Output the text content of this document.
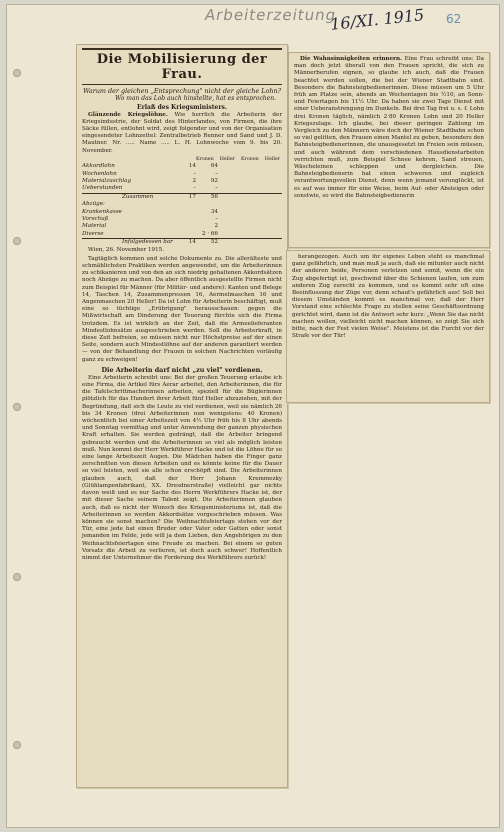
Arbeiterzeitung
16/XI. 1915 62
Die Mobilisierung der Frau.
Warum der gleichen „Entsprechung" nicht der gleiche Lohn?
Wo man das Lob auch hinstellte, hat es entsprochen.
Erlaß des Kriegsministers.
Glänzende Kriegslöhne. Wie herrlich die Arbeiterin der Kriegsindustrie, der Soldat des Hinterlandes, von Firmen, die ihre Säcke füllen, entlohnt wird, zeigt folgender und von der Organisation eingesendeter Lohnzettel: Zentralbetrieb Renner und Sand und J. D. Mautner. Nr. ..... Name ..... L. H. Lohnwoche vom 9. bis 20. November.
Kronen Heller Kronen Heller
Akkordlohn	14	64
Wochenlohn	–	–
Materialzuschlag	2	92
Ueberstunden	–	–
Zusammen	17	56
Abzüge:
Krankenkasse	34
Vorschuß	–
Material	2
Diverse	2 · 66
Infolgedessen bar	14	52
Wien, 26. November 1915.
Tagtäglich kommen und solche Dokumente zu. Die allerälteste und schmählichsten Praktiken werden angewendet, um die Arbeiterinnen zu schikanieren und von den an sich niedrig gehaltenen Akkordsätzen noch Abzüge zu machen. Da aber öffentlich ausgestellte Firmen nicht zum Beispiel für Männer (für Militär- und andere): Kanten und Belege 14, Taschen 14, Zusammenpressen 16, Aermelmaschen 16 und Angenmaschen 20 Heller! Da ist Lohn für Arbeiterin beschäftigt, muß eine so tüchtige „Erübrigung" herausschauen: gegen die Mißwirtschaft am Dinderung der Teuerung fürchte sich die Firma trotzdem. Es ist wirklich an der Zeit, daß die Armeelieferanten Mindestlohnsätze ausgeschrieben werden. Soll die Arbeiterkraft, in diese Zeit befreien, so müssen nicht nur Höchstpreise auf der einen Seite, sondern auch Mindestlöhne auf der anderen garantiert werden — von der Behandlung der Frauen in solchen Nachrichten vorläufig ganz zu schweigen!
Die Arbeiterin darf nicht „zu viel" verdienen.
Eine Arbeiterin schreibt uns: Bei der großen Teuerung erlaube ich eine Firma, die Artikel fürs Aerar arbeitet, den Arbeiterinnen, die für die Tafelschrittmacherinnen arbeiten, speziell für die Büglerinnen plötzlich für das Hundert ihrer Arbeit fünf Heller abzuziehen, mit der Begründung, daß sich die Leute zu viel verdienen, weil sie nämlich 26 bis 34 Kronen (drei Arbeiterinnen nun wenigstens: 40 Kronen) wöchentlich bei einer Arbeitszeit von 4½ Uhr früh bis 8 Uhr abends und Sonntag vormittag und unter Anwendung der ganzen physischen Kraft erhalten. Sie werden gedrängt, daß die Arbeiter bringend gebraucht werden und die Arbeiterinnen so viel als möglich leisten muß. Nun kommt der Herr Werkführer Hacke und ist die Löhne für so eine lange Arbeitszeit Augen. Die Mädchen haben die Finger ganz zerschnitten von diesen Arbeiten und es könnte keine für die Dauer so viel leisten, weil sie alle schon erschöpft sind. Die Arbeiterinnen glauben auch, daß der Herr Johann Kremmezky (Glühlampenfabrikant, XX. Dresdnerstraße) vielleicht gar nichts davon weiß und es nur Sache des Herrn Werkführers Hacke ist, der mit dieser Sache seinem Talent zeigt. Die Arbeiterinnen glauben auch, daß es nicht der Wunsch des Kriegsministeriums ist, daß die Arbeiterinnen so werden Akkordsätze vorgeschrieben müssen. Was können sie sonst machen? Die Weihnachtsfeiertage stehen vor der Tür, eine jede hat einen Bruder oder Vater oder Gatten oder sonst jemanden im Felde, jede will ja dem Lieben, den Angehörigen zu den Weihnachtsfeiertagen eine Freude zu machen. Bei einem so guten Vorsatz die Arbeit zu verlieren, ist doch auch schwer! Hoffentlich nimmt der Unternehmer die Forderung des Werkführers zurück!
Die Wahnsinnigkeiten erinnern. Eine Frau schreibt uns: Da man doch jetzt überall von den Frauen spricht, die sich zu Männerberufen eignen, so glaube ich auch, daß die Frauen beachtet werden sollen, die bei der Wiener Stadtbahn sind. Besonders die Bahnsteigbedienerinnen. Diese müssen um 5 Uhr früh am Platze sein, abends an Wochentagen bis ½10, an Sonn- und Feiertagen bis 11½ Uhr. Da haben sie zwei Tage Dienst mit einer Ueberanstrengung im Dunkeln. Bei drei Tag frei u. s. f. Lohn drei Kronen täglich, nämlich 2·80 Kronen Lohn und 20 Heller Kriegszulage. Ich glaube, bei dieser geringen Zahlung im Vergleich zu den Männern wäre doch der Wiener Stadtbahn schon so viel gelitten, den Frauen einen Mantel zu geben, besonders den Bahnsteigbedienerinnen, die unausgesetzt im Freien sein müssen, und auch während dem verschiedenen Hausdienstarbeiten verrichten muß, zum Beispiel Schnee kehren, Sand streuen, Wäscheleinen schleppen und dergleichen. Die Bahnsteigbedienerin hat einen schweren und zugleich verantwortungsvollen Dienst, denn wenn jemand verunglückt, ist es auf was immer für eine Weise, beim Auf- oder Absteigen oder sonstwie, so wird die Bahnsteigbedienerin
herangezogen. Auch um ihr eigenes Leben steht es manchmal ganz gefährlich, und man muß ja auch, daß sie mitunter auch nicht der anderen beide, Personen verletzen und somit, wenn die ein Zug abgefertigt ist, geschwind über die Schienen laufen, um zum anderen Zug zurecht zu kommen, und es kommt sehr oft eine Beeinflussung der Züge vor, denn schaut's gefährlich aus! Soll bei diesem Umständen kommt es manchmal vor, daß der Herr Vorstand eine schlechte Frage zu stellen seine Geschäftsordnung gerichtet wird, dann ist die Antwort sehr kurz: „Wenn Sie das nicht machen wollen, vielleicht nicht machen können, so zeigt Sie sich bitte, nach der Fest vielen Weise". Meistens ist die Furcht vor der Strafe vor der Tür!
